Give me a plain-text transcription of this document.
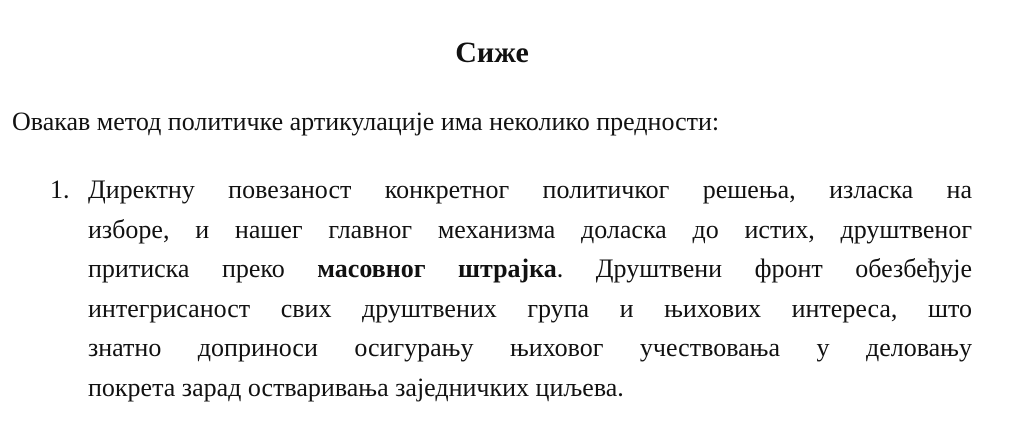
Сиже

Овакав метод политичке артикулације има неколико предности:

1. Директну повезаност конкретног политичког решења, изласка на
изборе, и нашег главног механизма доласка до истих, друштвеног
притиска преко масовног штрајка. Друштвени фронт обезбеђује
интегрисаност свих друштвених група и њихових интереса, што
знатно доприноси осигурању њиховог учествовања у деловању
покрета зарад остваривања заједничких циљева.
